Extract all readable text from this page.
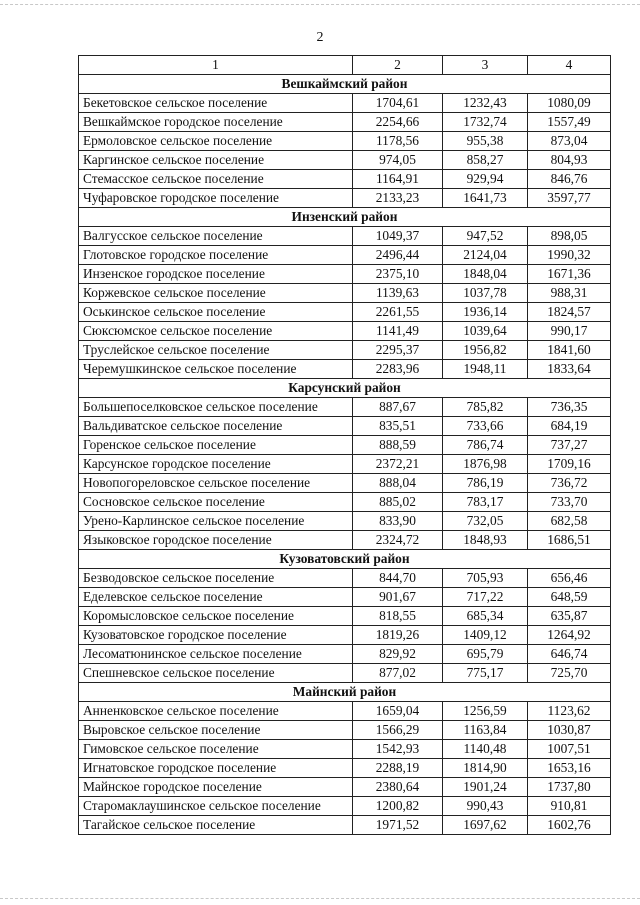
2
1	2	3	4
Вешкаймский район			
Бекетовское сельское поселение	1704,61	1232,43	1080,09
Вешкаймское городское поселение	2254,66	1732,74	1557,49
Ермоловское сельское поселение	1178,56	955,38	873,04
Каргинское сельское поселение	974,05	858,27	804,93
Стемасское сельское поселение	1164,91	929,94	846,76
Чуфаровское городское поселение	2133,23	1641,73	3597,77
Инзенский район			
Валгусское сельское поселение	1049,37	947,52	898,05
Глотовское городское поселение	2496,44	2124,04	1990,32
Инзенское городское поселение	2375,10	1848,04	1671,36
Коржевское сельское поселение	1139,63	1037,78	988,31
Оськинское сельское поселение	2261,55	1936,14	1824,57
Сюксюмское сельское поселение	1141,49	1039,64	990,17
Труслейское сельское поселение	2295,37	1956,82	1841,60
Черемушкинское сельское поселение	2283,96	1948,11	1833,64
Карсунский район			
Большепоселковское сельское поселение	887,67	785,82	736,35
Вальдиватское сельское поселение	835,51	733,66	684,19
Горенское сельское поселение	888,59	786,74	737,27
Карсунское городское поселение	2372,21	1876,98	1709,16
Новопогореловское сельское поселение	888,04	786,19	736,72
Сосновское сельское поселение	885,02	783,17	733,70
Урено-Карлинское сельское поселение	833,90	732,05	682,58
Языковское городское поселение	2324,72	1848,93	1686,51
Кузоватовский район			
Безводовское сельское поселение	844,70	705,93	656,46
Еделевское сельское поселение	901,67	717,22	648,59
Коромысловское сельское поселение	818,55	685,34	635,87
Кузоватовское городское поселение	1819,26	1409,12	1264,92
Лесоматюнинское сельское поселение	829,92	695,79	646,74
Спешневское сельское поселение	877,02	775,17	725,70
Майнский район			
Анненковское сельское поселение	1659,04	1256,59	1123,62
Выровское сельское поселение	1566,29	1163,84	1030,87
Гимовское сельское поселение	1542,93	1140,48	1007,51
Игнатовское городское поселение	2288,19	1814,90	1653,16
Майнское городское поселение	2380,64	1901,24	1737,80
Старомаклаушинское сельское поселение	1200,82	990,43	910,81
Тагайское сельское поселение	1971,52	1697,62	1602,76
